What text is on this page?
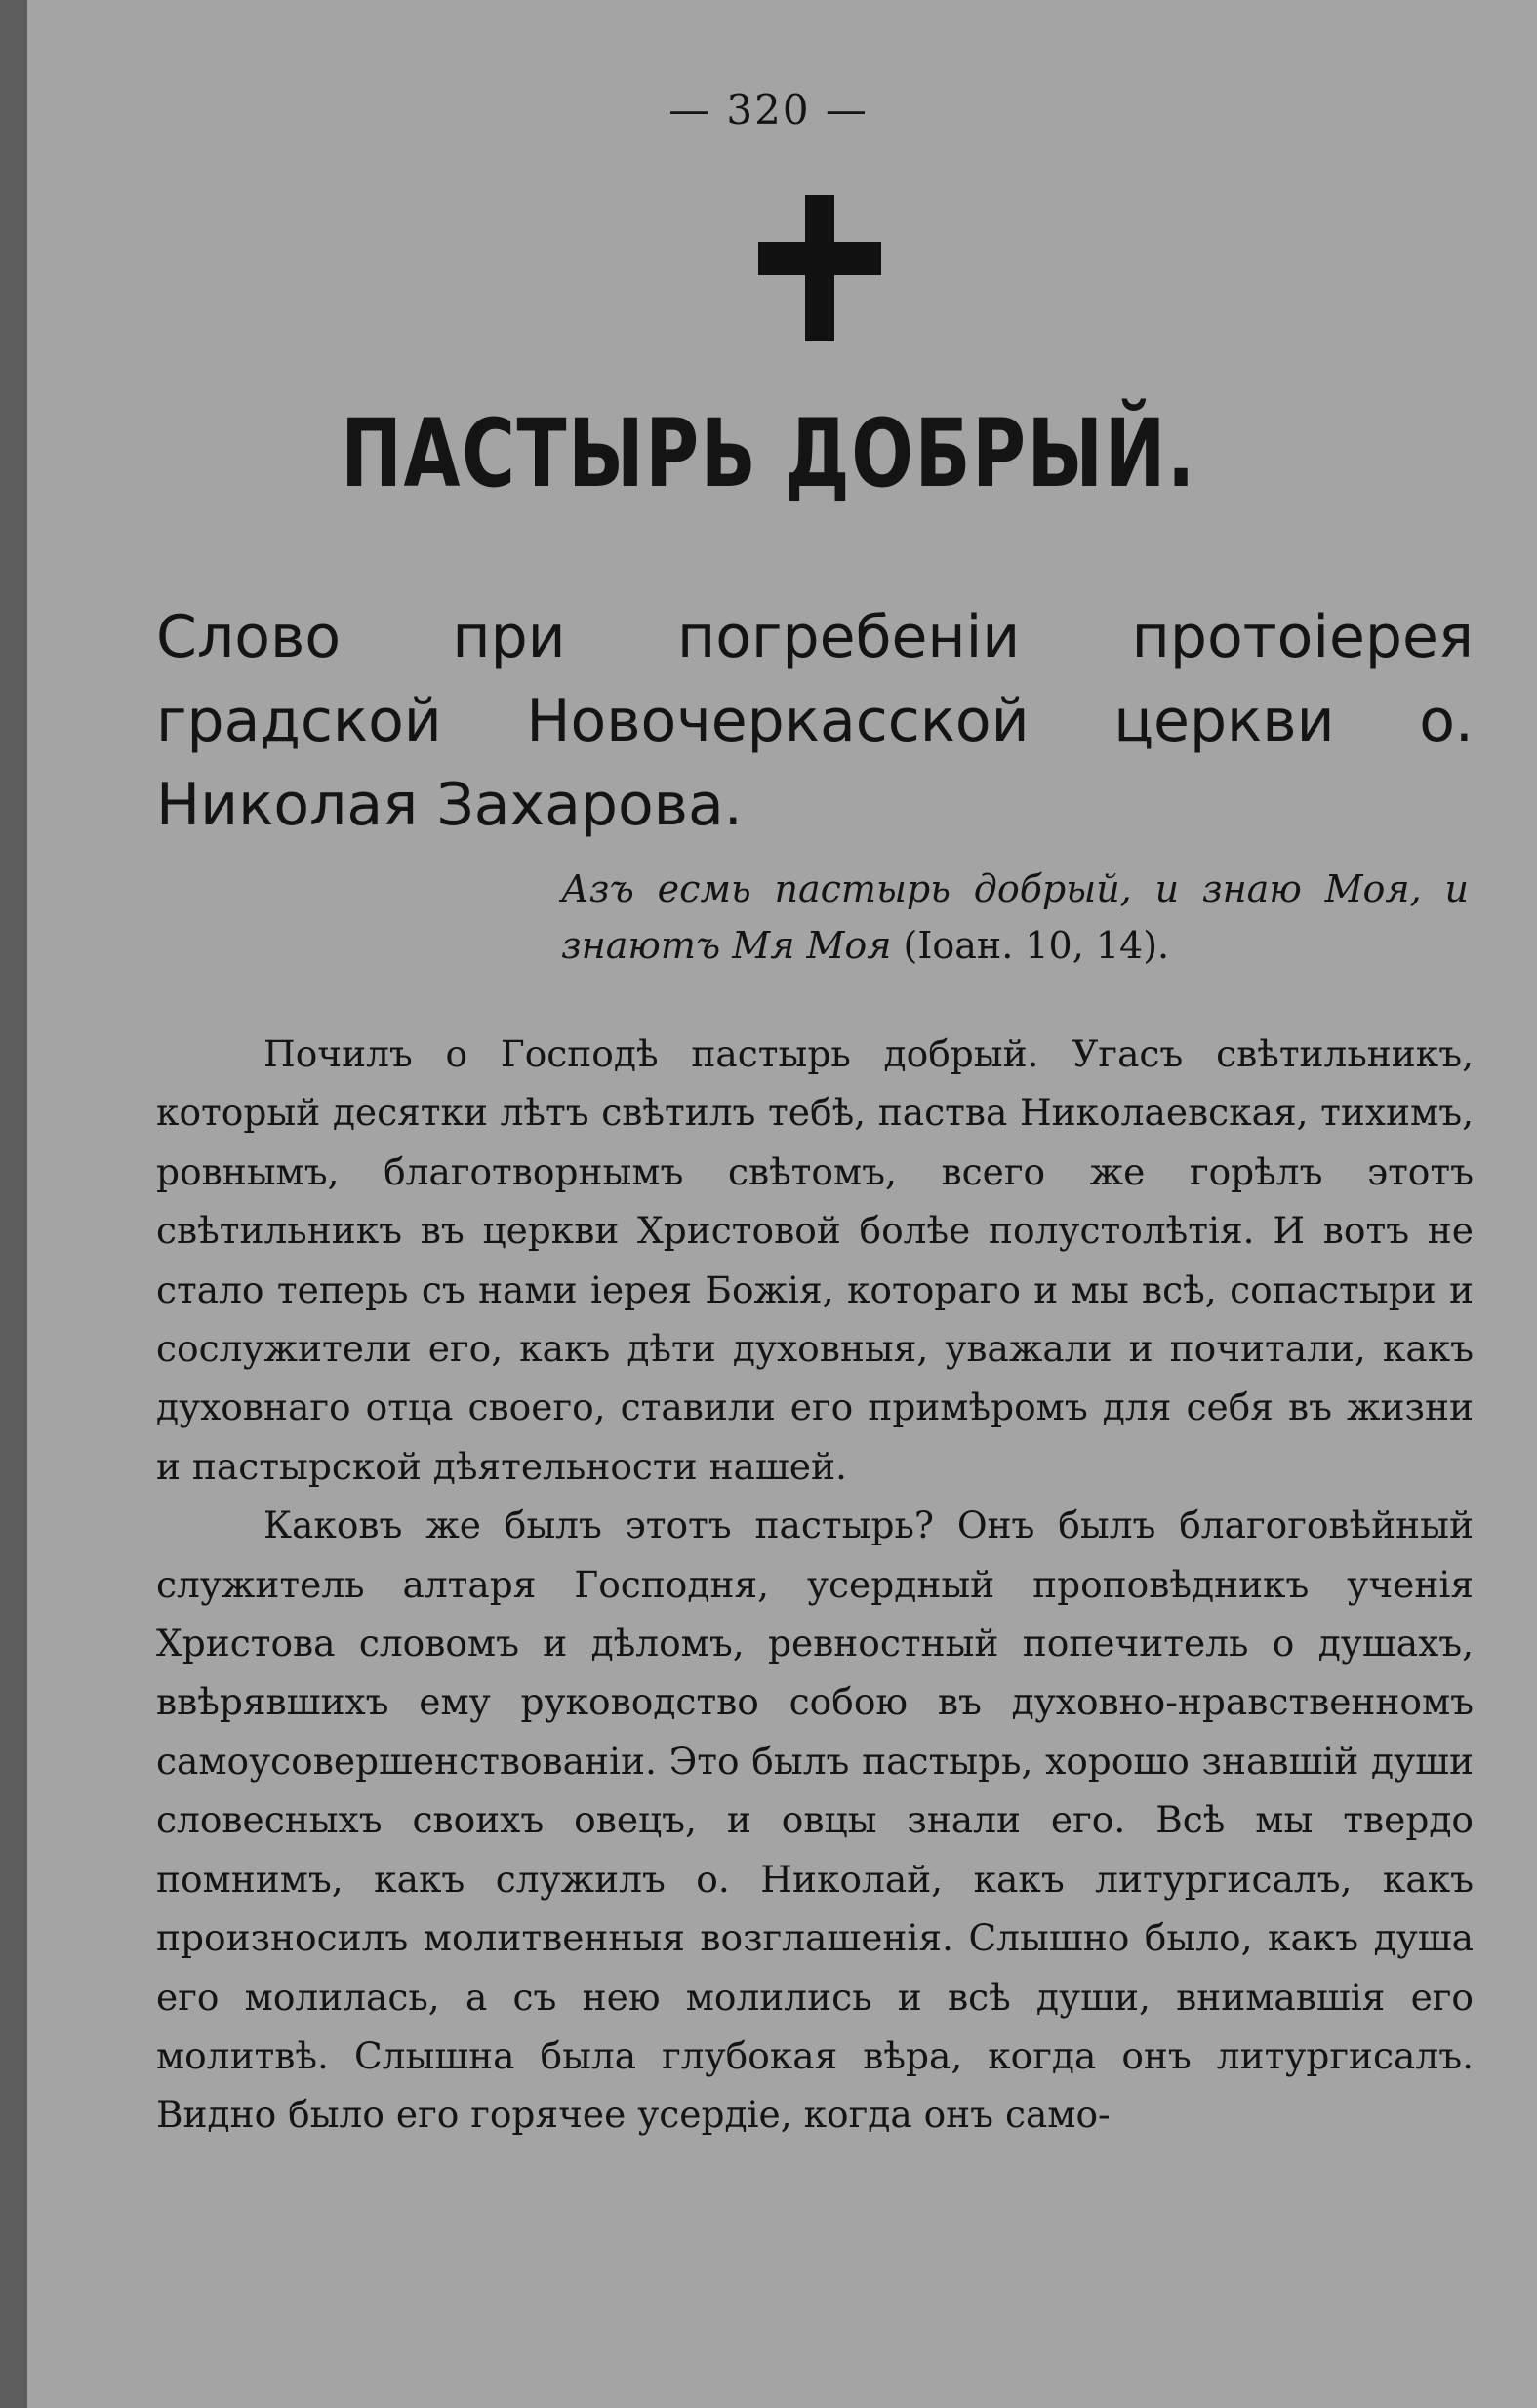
— 320 —
ПАСТЫРЬ ДОБРЫЙ.

Слово при погребенiи протоiерея градской Новочеркасской церкви о. Николая Захарова.

Азъ есмь пастырь добрый, и знаю Моя, и знаютъ Мя Моя (Iоан. 10, 14).

Почилъ о Господѣ пастырь добрый. Угасъ свѣтильникъ, который десятки лѣтъ свѣтилъ тебѣ, паства Николаевская, тихимъ, ровнымъ, благотворнымъ свѣтомъ, всего же горѣлъ этотъ свѣтильникъ въ церкви Христовой болѣе полустолѣтія. И вотъ не стало теперь съ нами iерея Божія, котораго и мы всѣ, сопастыри и сослужители его, какъ дѣти духовныя, уважали и почитали, какъ духовнаго отца своего, ставили его примѣромъ для себя въ жизни и пастырской дѣятельности нашей.

Каковъ же былъ этотъ пастырь? Онъ былъ благоговѣйный служитель алтаря Господня, усердный проповѣдникъ ученія Христова словомъ и дѣломъ, ревностный попечитель о душахъ, ввѣрявшихъ ему руководство собою въ духовно-нравственномъ самоусовершенствованіи. Это былъ пастырь, хорошо знавшій души словесныхъ своихъ овецъ, и овцы знали его. Всѣ мы твердо помнимъ, какъ служилъ о. Николай, какъ литургисалъ, какъ произносилъ молитвенныя возглашенія. Слышно было, какъ душа его молилась, а съ нею молились и всѣ души, внимавшія его молитвѣ. Слышна была глубокая вѣра, когда онъ литургисалъ. Видно было его горячее усердіе, когда онъ само-
